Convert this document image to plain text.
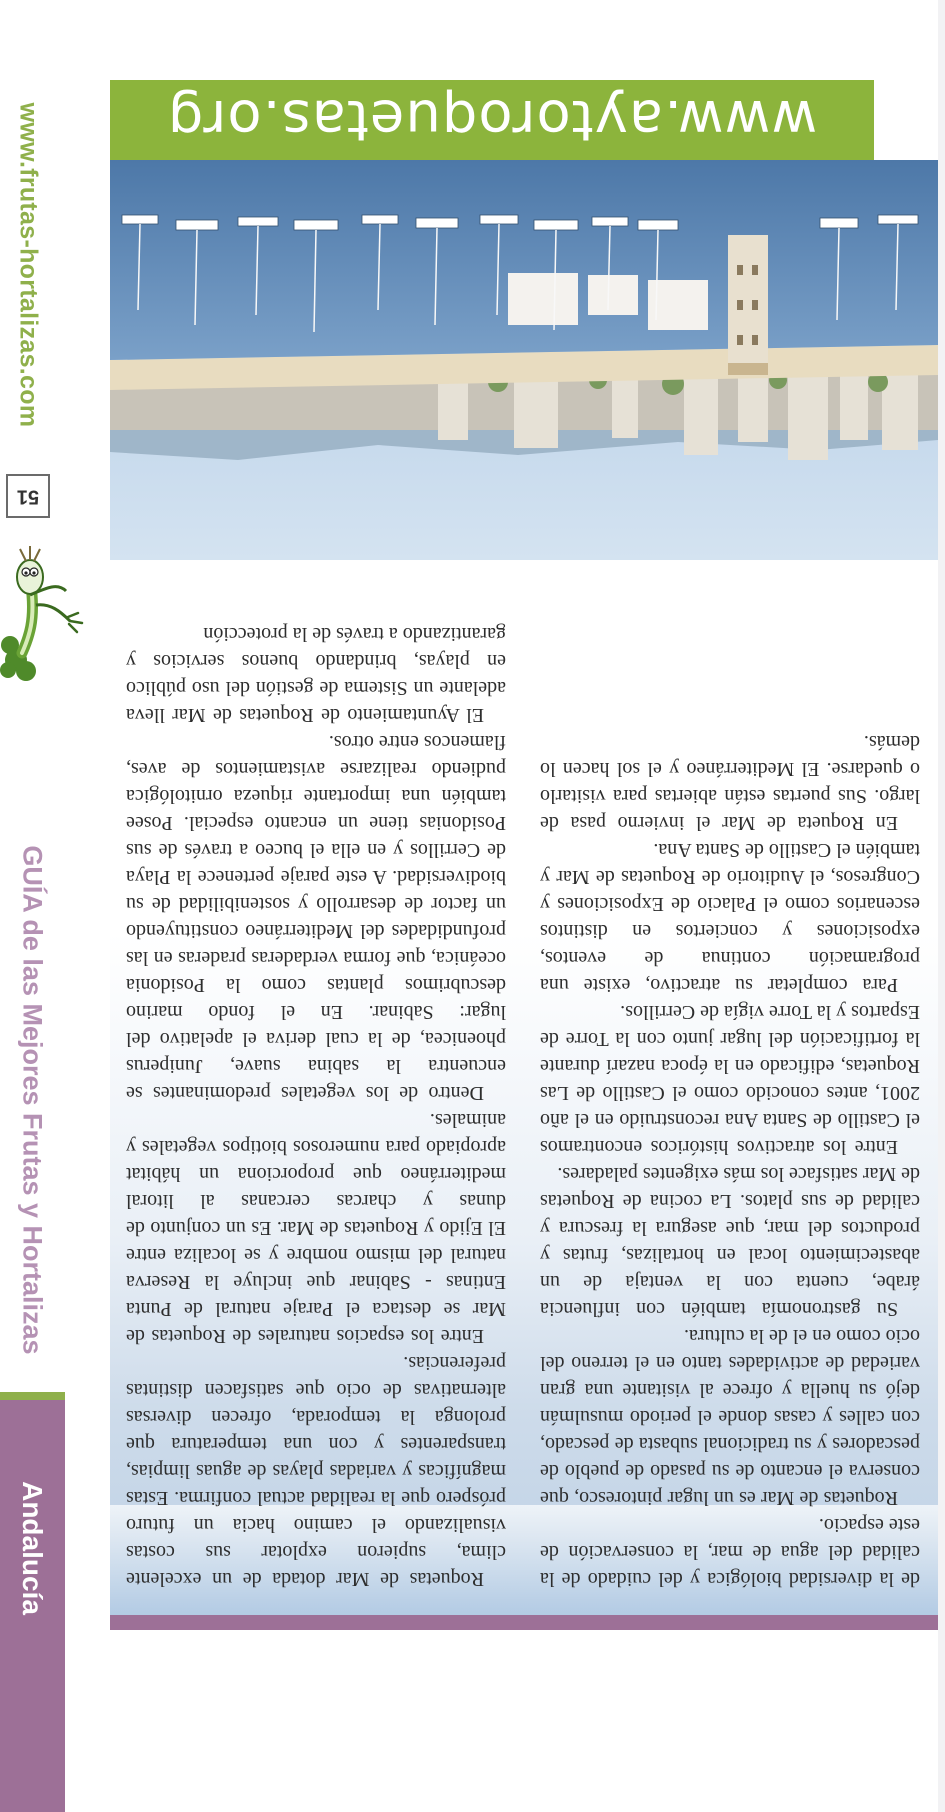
www.frutas-hortalizas.com
51
GUÍA de las Mejores Frutas y Hortalizas
Andalucía	de la diversidad biológica y del cuidado de la calidad del agua de mar, la conservación de este espacio.

Roquetas de Mar es un lugar pintoresco, que conserva el encanto de su pasado de pueblo de pescadores y su tradicional subasta de pescado, con calles y casas donde el periodo musulmán dejó su huella y ofrece al visitante una gran variedad de actividades tanto en el terreno del ocio como en el de la cultura.

Su gastronomía también con influencia árabe, cuenta con la ventaja de un abastecimiento local en hortalizas, frutas y productos del mar, que asegura la frescura y calidad de sus platos. La cocina de Roquetas de Mar satisface los más exigentes paladares.

Entre los atractivos históricos encontramos el Castillo de Santa Ana reconstruido en el año 2001, antes conocido como el Castillo de Las Roquetas, edificado en la época nazarí durante la fortificación del lugar junto con la Torre de Espartos y la Torre vigía de Cerrillos.

Para completar su atractivo, existe una programación continua de eventos, exposiciones y conciertos en distintos escenarios como el Palacio de Exposiciones y Congresos, el Auditorio de Roquetas de Mar y también el Castillo de Santa Ana.

En Roqueta de Mar el invierno pasa de largo. Sus puertas están abiertas para visitarlo o quedarse. El Mediterráneo y el sol hacen lo demás.

Roquetas de Mar dotada de un excelente clima, supieron explotar sus costas visualizando el camino hacia un futuro próspero que la realidad actual confirma. Estas magníficas y variadas playas de aguas limpias, transparentes y con una temperatura que prolonga la temporada, ofrecen diversas alternativas de ocio que satisfacen distintas preferencias.

Entre los espacios naturales de Roquetas de Mar se destaca el Paraje natural de Punta Entinas - Sabinar que incluye la Reserva natural del mismo nombre y se localiza entre El Ejido y Roquetas de Mar. Es un conjunto de dunas y charcas cercanas al litoral mediterráneo que proporciona un hábitat apropiado para numerosos biotipos vegetales y animales.

Dentro de los vegetales predominantes se encuentra la sabina suave, Juniperus phoenicea, de la cual deriva el apelativo del lugar: Sabinar. En el fondo marino descubrimos plantas como la Posidonia oceánica, que forma verdaderas praderas en las profundidades del Mediterráneo constituyendo un factor de desarrollo y sostenibilidad de su biodiversidad. A este paraje pertenece la Playa de Cerrillos y en ella el buceo a través de sus Posidonias tiene un encanto especial. Posee también una importante riqueza ornitológica pudiendo realizarse avistamientos de aves, flamencos entre otros.

El Ayuntamiento de Roquetas de Mar lleva adelante un Sistema de gestión del uso público en playas, brindando buenos servicios y garantizando a través de la protección

www.aytoroquetas.org
